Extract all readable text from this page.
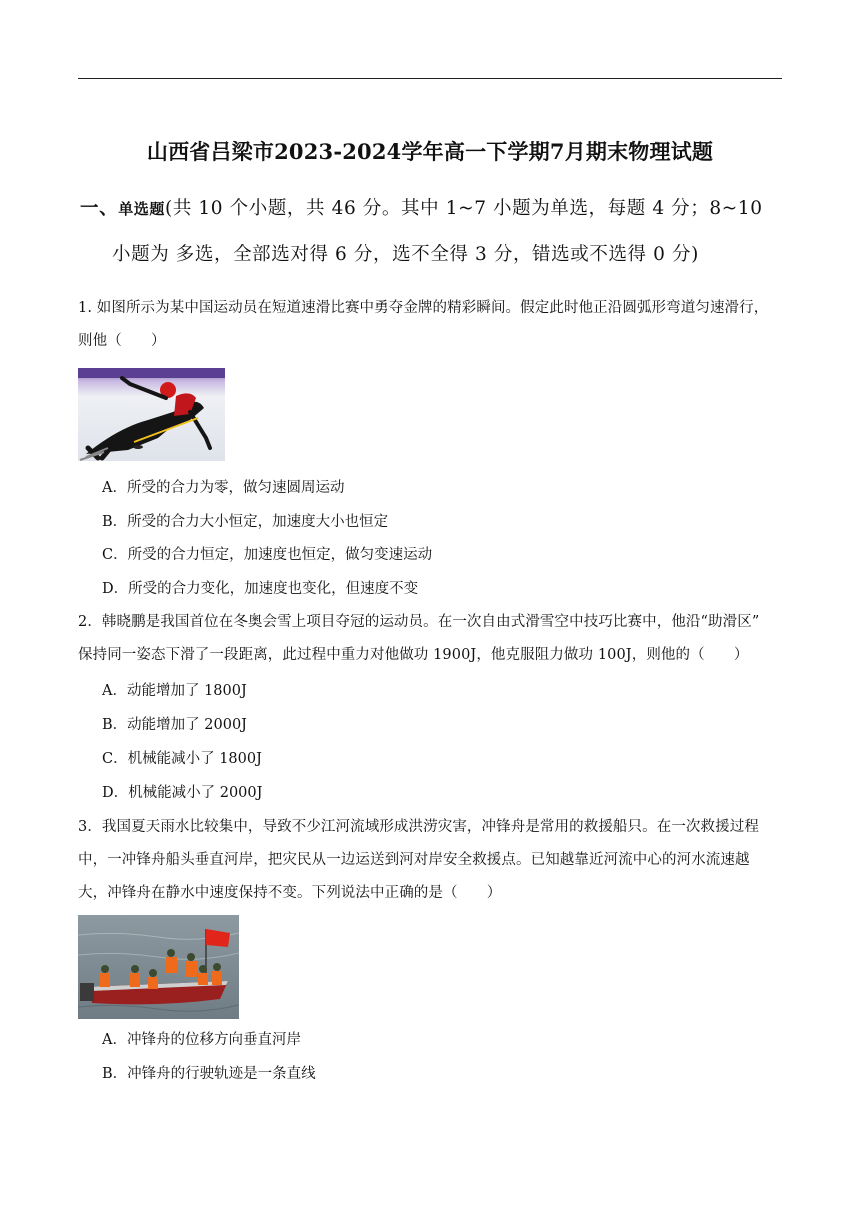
山西省吕梁市2023-2024学年高一下学期7月期末物理试题
一、单选题(共 10 个小题，共 46 分。其中 1~7 小题为单选，每题 4 分；8~10
小题为 多选，全部选对得 6 分，选不全得 3 分，错选或不选得 0 分)
1. 如图所示为某中国运动员在短道速滑比赛中勇夺金牌的精彩瞬间。假定此时他正沿圆弧形弯道匀速滑行，
则他（　　）
A．所受的合力为零，做匀速圆周运动
B．所受的合力大小恒定，加速度大小也恒定
C．所受的合力恒定，加速度也恒定，做匀变速运动
D．所受的合力变化，加速度也变化，但速度不变
2．韩晓鹏是我国首位在冬奥会雪上项目夺冠的运动员。在一次自由式滑雪空中技巧比赛中，他沿“助滑区”
保持同一姿态下滑了一段距离，此过程中重力对他做功 1900J，他克服阻力做功 100J，则他的（　　）
A．动能增加了 1800J
B．动能增加了 2000J
C．机械能减小了 1800J
D．机械能减小了 2000J
3．我国夏天雨水比较集中，导致不少江河流域形成洪涝灾害，冲锋舟是常用的救援船只。在一次救援过程
中，一冲锋舟船头垂直河岸，把灾民从一边运送到河对岸安全救援点。已知越靠近河流中心的河水流速越
大，冲锋舟在静水中速度保持不变。下列说法中正确的是（　　）
A．冲锋舟的位移方向垂直河岸
B．冲锋舟的行驶轨迹是一条直线
